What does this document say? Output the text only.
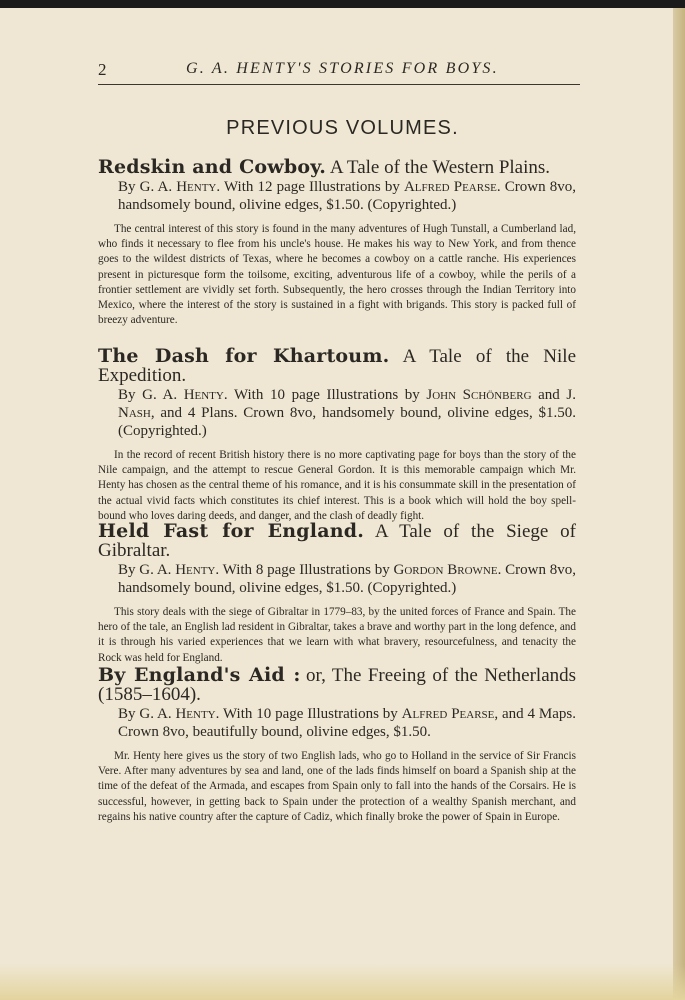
2	G. A. HENTY'S STORIES FOR BOYS.
PREVIOUS VOLUMES.

Redskin and Cowboy. A Tale of the Western Plains.
By G. A. Henty. With 12 page Illustrations by Alfred Pearse. Crown 8vo, handsomely bound, olivine edges, $1.50. (Copyrighted.)

The central interest of this story is found in the many adventures of Hugh Tunstall, a Cumberland lad, who finds it necessary to flee from his uncle's house. He makes his way to New York, and from thence goes to the wildest districts of Texas, where he becomes a cowboy on a cattle ranche. His experiences present in picturesque form the toilsome, exciting, adventurous life of a cowboy, while the perils of a frontier settlement are vividly set forth. Subsequently, the hero crosses through the Indian Territory into Mexico, where the interest of the story is sustained in a fight with brigands. This story is packed full of breezy adventure.

The Dash for Khartoum. A Tale of the Nile Expedition.
By G. A. Henty. With 10 page Illustrations by John Schönberg and J. Nash, and 4 Plans. Crown 8vo, handsomely bound, olivine edges, $1.50. (Copyrighted.)

In the record of recent British history there is no more captivating page for boys than the story of the Nile campaign, and the attempt to rescue General Gordon. It is this memorable campaign which Mr. Henty has chosen as the central theme of his romance, and it is his consummate skill in the presentation of the actual vivid facts which constitutes its chief interest. This is a book which will hold the boy spell-bound who loves daring deeds, and danger, and the clash of deadly fight.

Held Fast for England. A Tale of the Siege of Gibraltar.
By G. A. Henty. With 8 page Illustrations by Gordon Browne. Crown 8vo, handsomely bound, olivine edges, $1.50. (Copyrighted.)

This story deals with the siege of Gibraltar in 1779–83, by the united forces of France and Spain. The hero of the tale, an English lad resident in Gibraltar, takes a brave and worthy part in the long defence, and it is through his varied experiences that we learn with what bravery, resourcefulness, and tenacity the Rock was held for England.

By England's Aid : or, The Freeing of the Netherlands (1585–1604).
By G. A. Henty. With 10 page Illustrations by Alfred Pearse, and 4 Maps. Crown 8vo, beautifully bound, olivine edges, $1.50.

Mr. Henty here gives us the story of two English lads, who go to Holland in the service of Sir Francis Vere. After many adventures by sea and land, one of the lads finds himself on board a Spanish ship at the time of the defeat of the Armada, and escapes from Spain only to fall into the hands of the Corsairs. He is successful, however, in getting back to Spain under the protection of a wealthy Spanish merchant, and regains his native country after the capture of Cadiz, which finally broke the power of Spain in Europe.
